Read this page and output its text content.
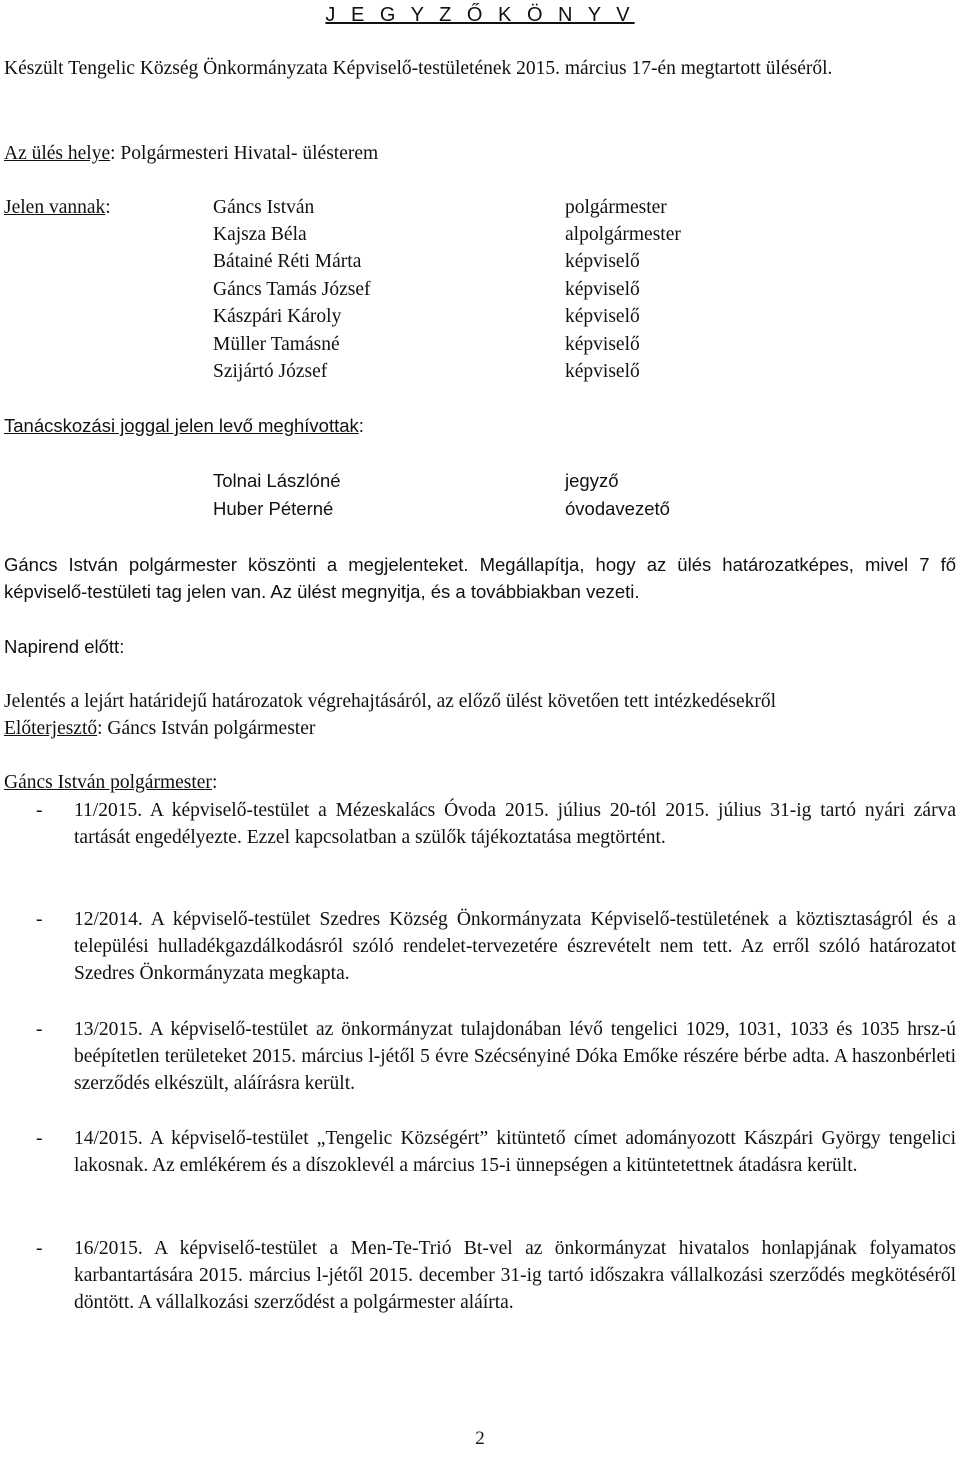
J E G Y Z Ő K Ö N Y V
Készült Tengelic Község Önkormányzata Képviselő-testületének 2015. március 17-én megtartott üléséről.
Az ülés helye: Polgármesteri Hivatal- ülésterem
Jelen vannak:	Gáncs István	polgármester
Kajsza Béla	alpolgármester
Bátainé Réti Márta	képviselő
Gáncs Tamás József	képviselő
Kászpári Károly	képviselő
Müller Tamásné	képviselő
Szijártó József	képviselő
Tanácskozási joggal jelen levő meghívottak:
Tolnai Lászlóné	jegyző
Huber Péterné	óvodavezető
Gáncs István polgármester köszönti a megjelenteket. Megállapítja, hogy az ülés határozatképes, mivel 7 fő képviselő-testületi tag jelen van. Az ülést megnyitja, és a továbbiakban vezeti.
Napirend előtt:
Jelentés a lejárt határidejű határozatok végrehajtásáról, az előző ülést követően tett intézkedésekről
Előterjesztő: Gáncs István polgármester
Gáncs István polgármester:
- 11/2015. A képviselő-testület a Mézeskalács Óvoda 2015. július 20-tól 2015. július 31-ig tartó nyári zárva tartását engedélyezte. Ezzel kapcsolatban a szülők tájékoztatása megtörtént.
- 12/2014. A képviselő-testület Szedres Község Önkormányzata Képviselő-testületének a köztisztaságról és a települési hulladékgazdálkodásról szóló rendelet-tervezetére észrevételt nem tett. Az erről szóló határozatot Szedres Önkormányzata megkapta.
- 13/2015. A képviselő-testület az önkormányzat tulajdonában lévő tengelici 1029, 1031, 1033 és 1035 hrsz-ú beépítetlen területeket 2015. március l-jétől 5 évre Szécsényiné Dóka Emőke részére bérbe adta. A haszonbérleti szerződés elkészült, aláírásra került.
- 14/2015. A képviselő-testület „Tengelic Községért” kitüntető címet adományozott Kászpári György tengelici lakosnak. Az emlékérem és a díszoklevél a március 15-i ünnepségen a kitüntetettnek átadásra került.
- 16/2015. A képviselő-testület a Men-Te-Trió Bt-vel az önkormányzat hivatalos honlapjának folyamatos karbantartására 2015. március l-jétől 2015. december 31-ig tartó időszakra vállalkozási szerződés megkötéséről döntött. A vállalkozási szerződést a polgármester aláírta.
2
